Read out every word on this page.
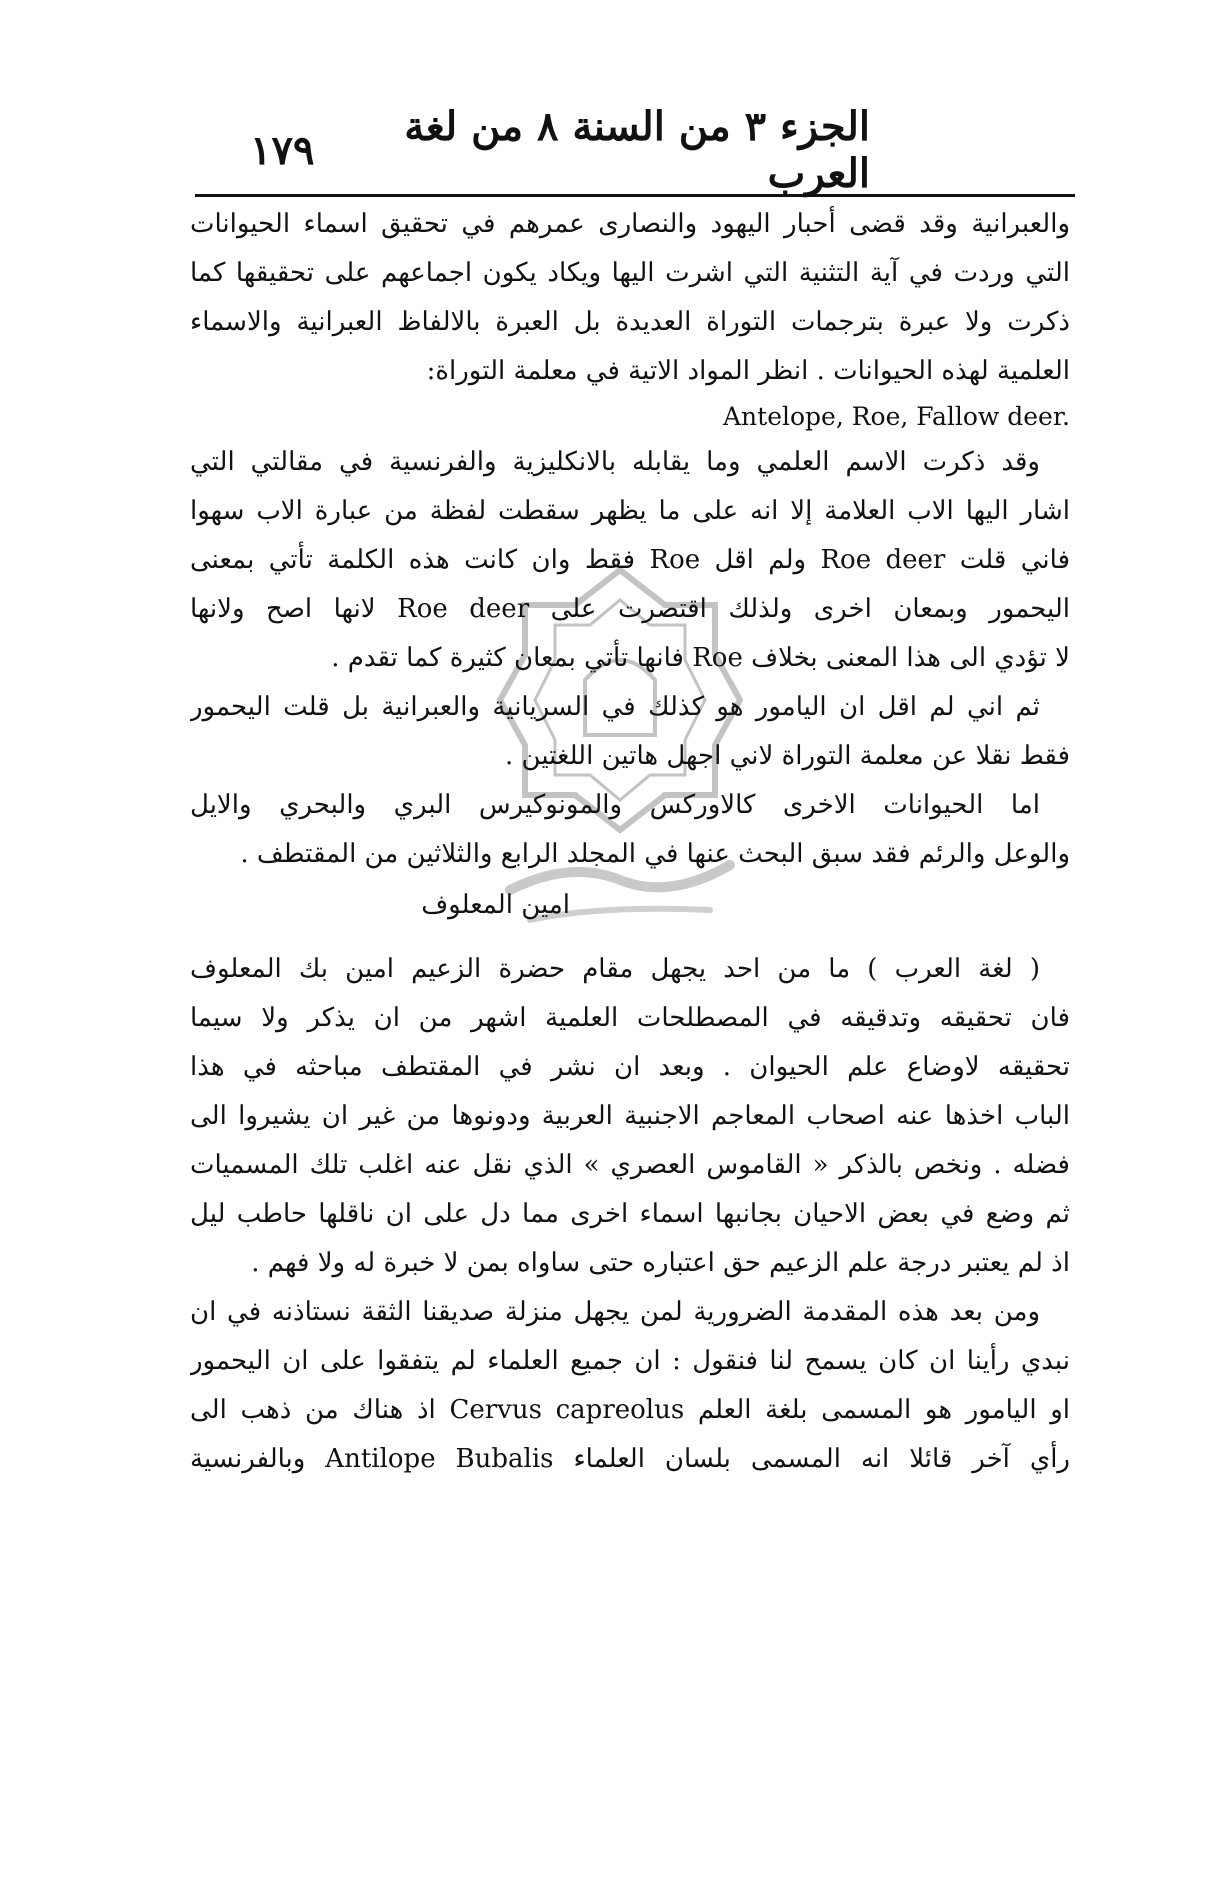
الجزء ٣ من السنة ٨ من لغة العرب
١٧٩
والعبرانية وقد قضى أحبار اليهود والنصارى عمرهم في تحقيق اسماء الحيوانات
التي وردت في آية التثنية التي اشرت اليها ويكاد يكون اجماعهم على تحقيقها كما
ذكرت ولا عبرة بترجمات التوراة العديدة بل العبرة بالالفاظ العبرانية والاسماء
العلمية لهذه الحيوانات . انظر المواد الاتية في معلمة التوراة:
Antelope, Roe, Fallow deer.
وقد ذكرت الاسم العلمي وما يقابله بالانكليزية والفرنسية في مقالتي التي
اشار اليها الاب العلامة إلا انه على ما يظهر سقطت لفظة من عبارة الاب سهوا
فاني قلت Roe deer ولم اقل Roe فقط وان كانت هذه الكلمة تأتي بمعنى
اليحمور وبمعان اخرى ولذلك اقتصرت على Roe deer لانها اصح ولانها
لا تؤدي الى هذا المعنى بخلاف Roe فانها تأتي بمعان كثيرة كما تقدم .
ثم اني لم اقل ان اليامور هو كذلك في السريانية والعبرانية بل قلت اليحمور
فقط نقلا عن معلمة التوراة لاني اجهل هاتين اللغتين .
اما الحيوانات الاخرى كالاوركس والمونوكيرس البري والبحري والايل
والوعل والرئم فقد سبق البحث عنها في المجلد الرابع والثلاثين من المقتطف .
امين المعلوف
( لغة العرب ) ما من احد يجهل مقام حضرة الزعيم امين بك المعلوف
فان تحقيقه وتدقيقه في المصطلحات العلمية اشهر من ان يذكر ولا سيما
تحقيقه لاوضاع علم الحيوان . وبعد ان نشر في المقتطف مباحثه في هذا
الباب اخذها عنه اصحاب المعاجم الاجنبية العربية ودونوها من غير ان يشيروا الى
فضله . ونخص بالذكر « القاموس العصري » الذي نقل عنه اغلب تلك المسميات
ثم وضع في بعض الاحيان بجانبها اسماء اخرى مما دل على ان ناقلها حاطب ليل
اذ لم يعتبر درجة علم الزعيم حق اعتباره حتى ساواه بمن لا خبرة له ولا فهم .
ومن بعد هذه المقدمة الضرورية لمن يجهل منزلة صديقنا الثقة نستاذنه في ان
نبدي رأينا ان كان يسمح لنا فنقول : ان جميع العلماء لم يتفقوا على ان اليحمور
او اليامور هو المسمى بلغة العلم Cervus capreolus اذ هناك من ذهب الى
رأي آخر قائلا انه المسمى بلسان العلماء Antilope Bubalis وبالفرنسية
